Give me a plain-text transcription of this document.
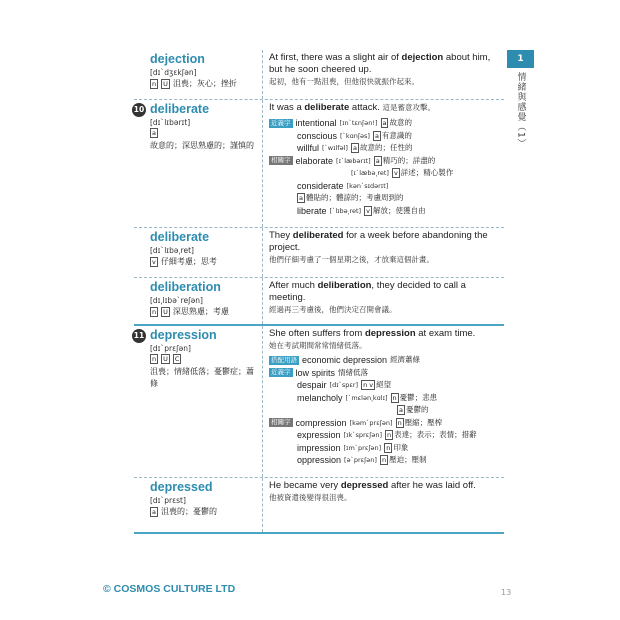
dejection
[dɪˋdʒɛkʃən]
n	U 沮喪；灰心；挫折
At first, there was a slight air of dejection about him, but he soon cheered up.
起初，他有一點沮喪，但他很快就振作起來。
10 deliberate
[dɪˋlɪbərɪt]
a
故意的；深思熟慮的；謹慎的
It was a deliberate attack. 這是蓄意攻擊。
近義字 intentional [ɪnˋtɛnʃən!] a 故意的
conscious [ˋkɑnʃəs] a 有意識的
willful [ˋwɪlfəl] a 故意的；任性的
相關字 elaborate [ɪˋlæbərɪt] a 精巧的；詳盡的
[ɪˋlæbə͵ret] v 詳述；精心製作
considerate [kənˋsɪdərɪt]
a 體貼的；體諒的；考慮周到的
liberate [ˋlɪbə͵ret] v 解放；使獲自由
deliberate
[dɪˋlɪbə͵ret]
v 仔細考慮；思考
They deliberated for a week before abandoning the project.
他們仔細考慮了一個星期之後，才放棄這個計畫。
deliberation
[dɪ͵lɪbəˋreʃən]
n	U 深思熟慮；考慮
After much deliberation, they decided to call a meeting.
經過再三考慮後，他們決定召開會議。
11 depression
[dɪˋprɛʃən]
n	U	C
沮喪；情緒低落；憂鬱症；蕭條
She often suffers from depression at exam time.
她在考試期間常常情緒低落。
搭配用語 economic depression 經濟蕭條
近義字 low spirits 情緒低落
despair [dɪˋspɛr] n v 絕望
melancholy [ˋmɛlən͵kɑlɪ] n 憂鬱；悲患
a 憂鬱的
相關字 compression [kəmˋprɛʃən] n 壓縮；壓榨
expression [ɪkˋsprɛʃən] n 表達；表示；表情；措辭
impression [ɪmˋprɛʃən] n 印象
oppression [əˋprɛʃən] n 壓迫；壓制
depressed
[dɪˋprɛst]
a 沮喪的；憂鬱的
He became very depressed after he was laid off.
他被資遣後變得很沮喪。
1
情緒與感覺（1）
© COSMOS CULTURE LTD	13
